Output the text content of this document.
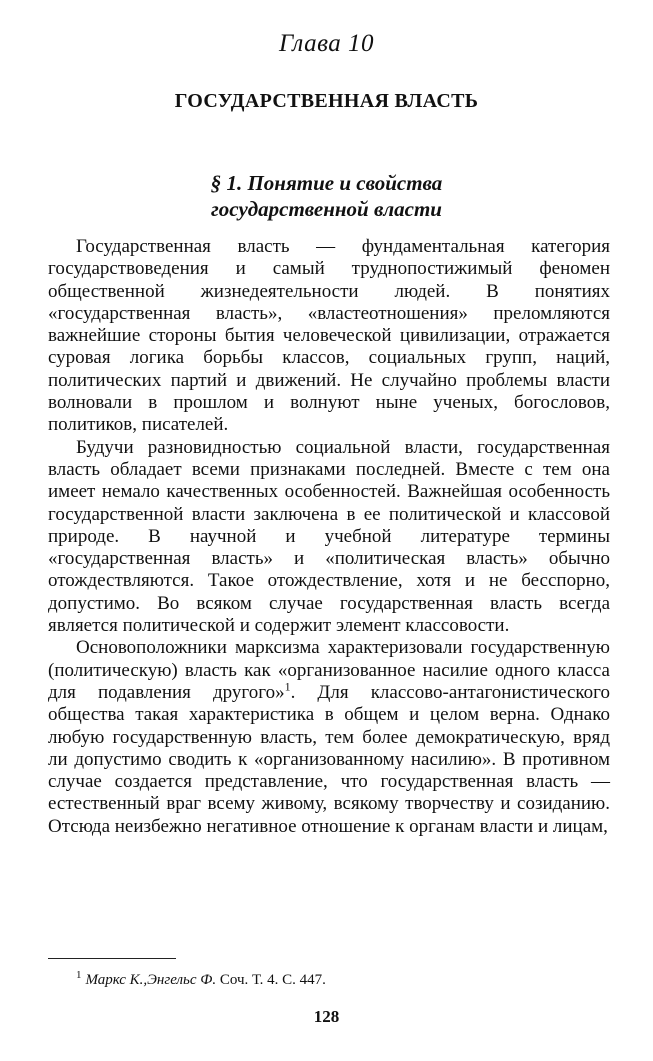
Глава 10
ГОСУДАРСТВЕННАЯ ВЛАСТЬ
§ 1. Понятие и свойства
государственной власти

Государственная власть — фундаментальная категория государствоведения и самый труднопостижимый феномен общественной жизнедеятельности людей. В понятиях «государственная власть», «властеотношения» преломляются важнейшие стороны бытия человеческой цивилизации, отражается суровая логика борьбы классов, социальных групп, наций, политических партий и движений. Не случайно проблемы власти волновали в прошлом и волнуют ныне ученых, богословов, политиков, писателей.

Будучи разновидностью социальной власти, государственная власть обладает всеми признаками последней. Вместе с тем она имеет немало качественных особенностей. Важнейшая особенность государственной власти заключена в ее политической и классовой природе. В научной и учебной литературе термины «государственная власть» и «политическая власть» обычно отождествляются. Такое отождествление, хотя и не бесспорно, допустимо. Во всяком случае государственная власть всегда является политической и содержит элемент классовости.

Основоположники марксизма характеризовали государственную (политическую) власть как «организованное насилие одного класса для подавления другого»$^1$. Для классово-антагонистического общества такая характеристика в общем и целом верна. Однако любую государственную власть, тем более демократическую, вряд ли допустимо сводить к «организованному насилию». В противном случае создается представление, что государственная власть — естественный враг всему живому, всякому творчеству и созиданию. Отсюда неизбежно негативное отношение к органам власти и лицам,

$^1$ Маркс К.,Энгельс Ф. Соч. Т. 4. С. 447.
128
